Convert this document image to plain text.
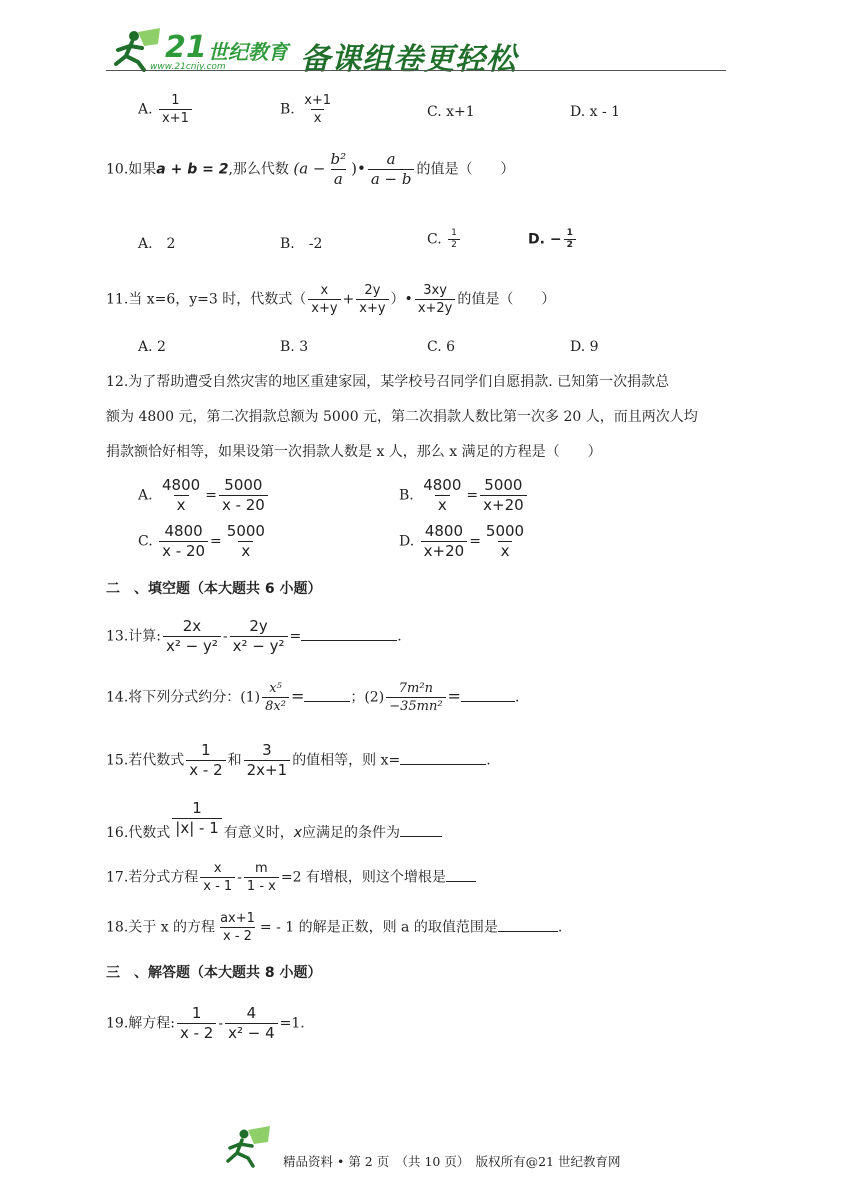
21 世纪教育
www.21cnjy.com 备课组卷更轻松
A. $\frac{1}{x+1}$	B. $\frac{x+1}{x}$	C. x+1	D. x - 1
10.如果a + b = 2,那么代数 ($a - \frac{\text{b²}}{a}$ )• $\frac{a}{a - b}$ 的值是（　　）
A.　2	B.　-2	C. $\frac{1}{2}$	D. − $\frac{1}{2}$
11.当 x=6，y=3 时，代数式（ $\frac{x}{x+y} + \frac{2y}{x+y}$ ）• $\frac{3xy}{x+2y}$ 的值是（　　）
A. 2	B. 3	C. 6	D. 9
12.为了帮助遭受自然灾害的地区重建家园，某学校号召同学们自愿捐款. 已知第一次捐款总
额为 4800 元，第二次捐款总额为 5000 元，第二次捐款人数比第一次多 20 人，而且两次人均
捐款额恰好相等，如果设第一次捐款人数是 x 人，那么 x 满足的方程是（　　）
A. $\frac{4800}{x} = \frac{5000}{x - 20}$	B. $\frac{4800}{x} = \frac{5000}{x+20}$
C. $\frac{4800}{x - 20} = \frac{5000}{x}$	D. $\frac{4800}{x+20} = \frac{5000}{x}$
二　、填空题（本大题共 6 小题）
13.计算: $\frac{2x}{\text{x² − y²}} - \frac{2y}{\text{x² − y²}}$ =	.
14.将下列分式约分：$(1) \frac{\text{x⁵}}{\text{8x²}}$ =	；$(2) \frac{\text{7m²n}}{\text{−35mn²}}$ =	.
15.若代数式 $\frac{1}{x - 2}$ 和 $\frac{3}{2x+1}$ 的值相等，则 x=	.
16.代数式 $\frac{1}{|x| - 1}$ 有意义时，x应满足的条件为
17.若分式方程 $\frac{x}{x - 1} - \frac{m}{1 - x} =2$ 有增根，则这个增根是
18.关于 x 的方程 $\frac{ax+1}{x - 2}$ = - 1 的解是正数，则 a 的取值范围是	.
三　、解答题（本大题共 8 小题）
19.解方程: $\frac{1}{x - 2} - \frac{4}{\text{x² − 4}} =1$.
精品资料 • 第 2 页　（共 10 页）　版权所有@21 世纪教育网
